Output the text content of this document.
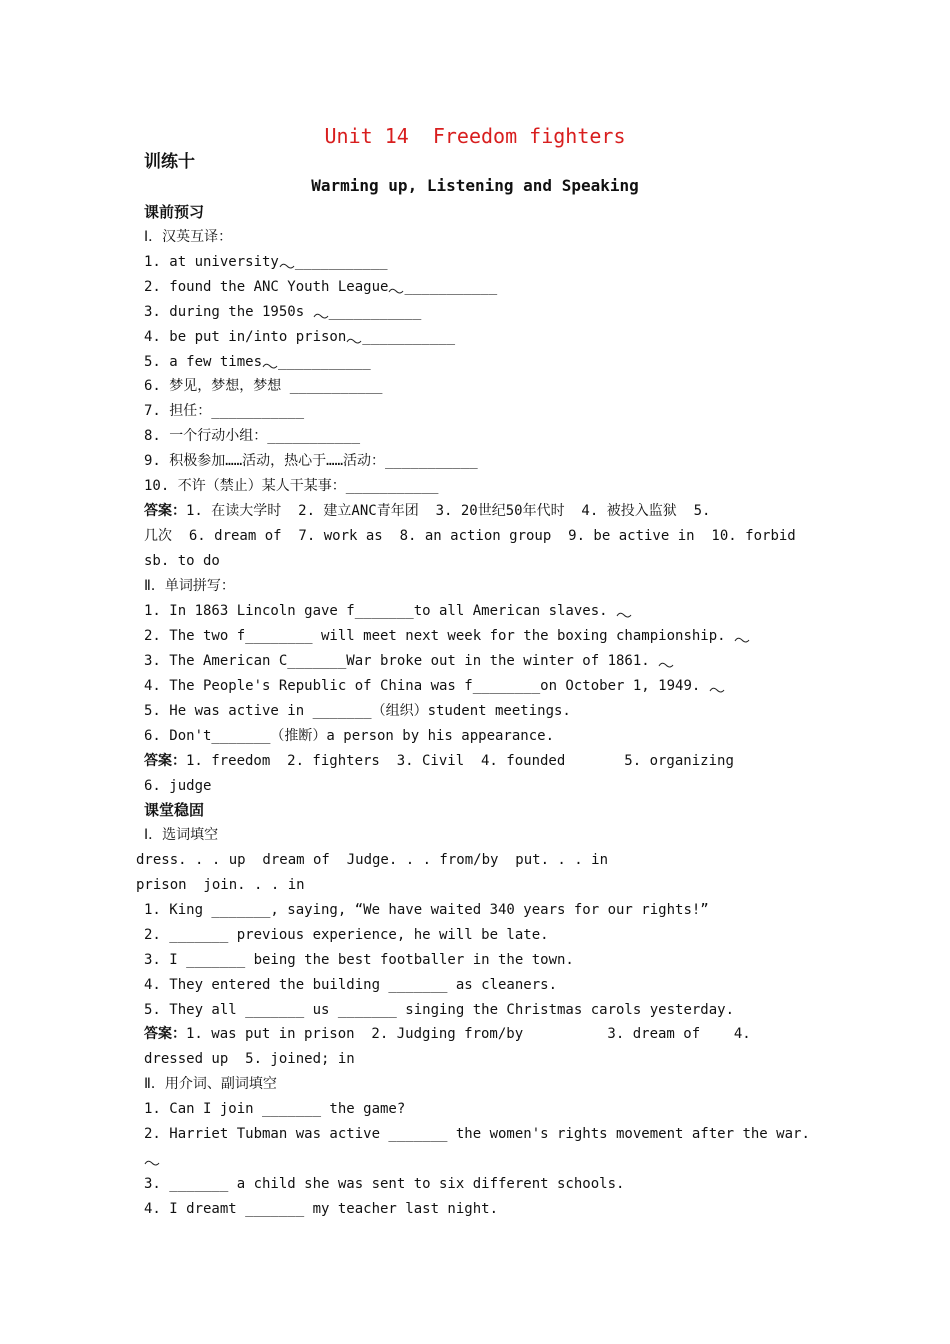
Unit 14  Freedom fighters
训练十
Warming up, Listening and Speaking
课前预习
Ⅰ．汉英互译：
1. at university ___________
2. found the ANC Youth League ___________
3. during the 1950s ___________
4. be put in/into prison ___________
5. a few times ___________
6. 梦见，梦想，梦想 ___________
7. 担任：___________
8. 一个行动小组：___________
9. 积极参加……活动，热心于……活动：___________
10. 不许（禁止）某人干某事：___________
答案：1. 在读大学时  2. 建立ANC青年团  3. 20世纪50年代时  4. 被投入监狱  5.
几次  6. dream of  7. work as  8. an action group  9. be active in  10. forbid
sb. to do
Ⅱ．单词拼写：
1. In 1863 Lincoln gave f_______to all American slaves.
2. The two f________ will meet next week for the boxing championship.
3. The American C_______War broke out in the winter of 1861.
4. The People's Republic of China was f________on October 1, 1949.
5. He was active in _______（组织）student meetings.
6. Don't_______（推断）a person by his appearance.
答案：1. freedom  2. fighters  3. Civil  4. founded       5. organizing
6. judge
课堂稳固
Ⅰ．选词填空
dress. . . up  dream of  Judge. . . from/by  put. . . in
prison  join. . . in
1. King _______, saying, “We have waited 340 years for our rights!”
2. _______ previous experience, he will be late.
3. I _______ being the best footballer in the town.
4. They entered the building _______ as cleaners.
5. They all _______ us _______ singing the Christmas carols yesterday.
答案：1. was put in prison  2. Judging from/by          3. dream of    4.
dressed up  5. joined; in
Ⅱ．用介词、副词填空
1. Can I join _______ the game?
2. Harriet Tubman was active _______ the women's rights movement after the war.
3. _______ a child she was sent to six different schools.
4. I dreamt _______ my teacher last night.
